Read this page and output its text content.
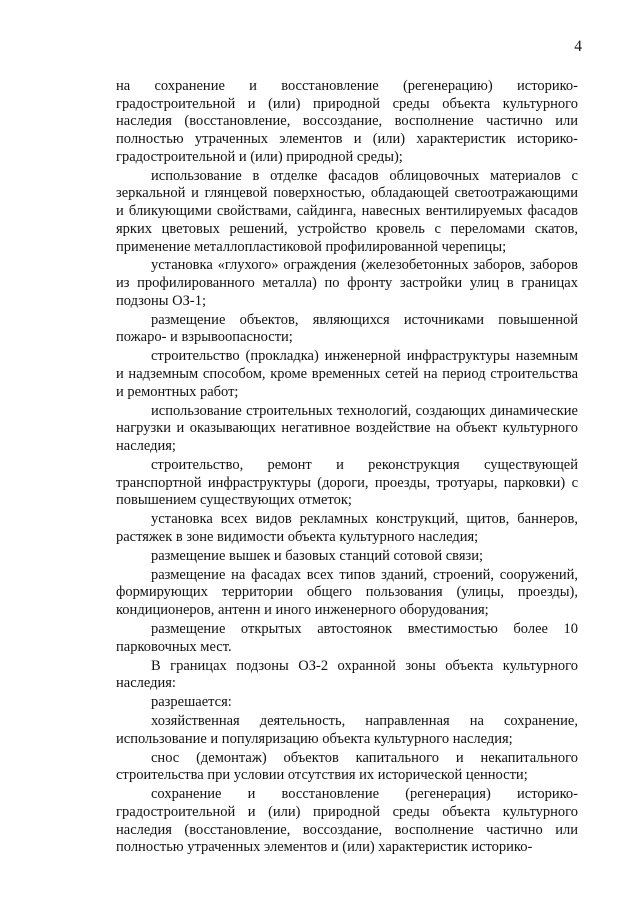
4

на сохранение и восстановление (регенерацию) историко-градостроительной и (или) природной среды объекта культурного наследия (восстановление, воссоздание, восполнение частично или полностью утраченных элементов и (или) характеристик историко-градостроительной и (или) природной среды);

использование в отделке фасадов облицовочных материалов с зеркальной и глянцевой поверхностью, обладающей светоотражающими и бликующими свойствами, сайдинга, навесных вентилируемых фасадов ярких цветовых решений, устройство кровель с переломами скатов, применение металлопластиковой профилированной черепицы;

установка «глухого» ограждения (железобетонных заборов, заборов из профилированного металла) по фронту застройки улиц в границах подзоны ОЗ-1;

размещение объектов, являющихся источниками повышенной пожаро- и взрывоопасности;

строительство (прокладка) инженерной инфраструктуры наземным и надземным способом, кроме временных сетей на период строительства и ремонтных работ;

использование строительных технологий, создающих динамические нагрузки и оказывающих негативное воздействие на объект культурного наследия;

строительство, ремонт и реконструкция существующей транспортной инфраструктуры (дороги, проезды, тротуары, парковки) с повышением существующих отметок;

установка всех видов рекламных конструкций, щитов, баннеров, растяжек в зоне видимости объекта культурного наследия;

размещение вышек и базовых станций сотовой связи;

размещение на фасадах всех типов зданий, строений, сооружений, формирующих территории общего пользования (улицы, проезды), кондиционеров, антенн и иного инженерного оборудования;

размещение открытых автостоянок вместимостью более 10 парковочных мест.

В границах подзоны ОЗ-2 охранной зоны объекта культурного наследия:

разрешается:

хозяйственная деятельность, направленная на сохранение, использование и популяризацию объекта культурного наследия;

снос (демонтаж) объектов капитального и некапитального строительства при условии отсутствия их исторической ценности;

сохранение и восстановление (регенерация) историко-градостроительной и (или) природной среды объекта культурного наследия (восстановление, воссоздание, восполнение частично или полностью утраченных элементов и (или) характеристик историко-
